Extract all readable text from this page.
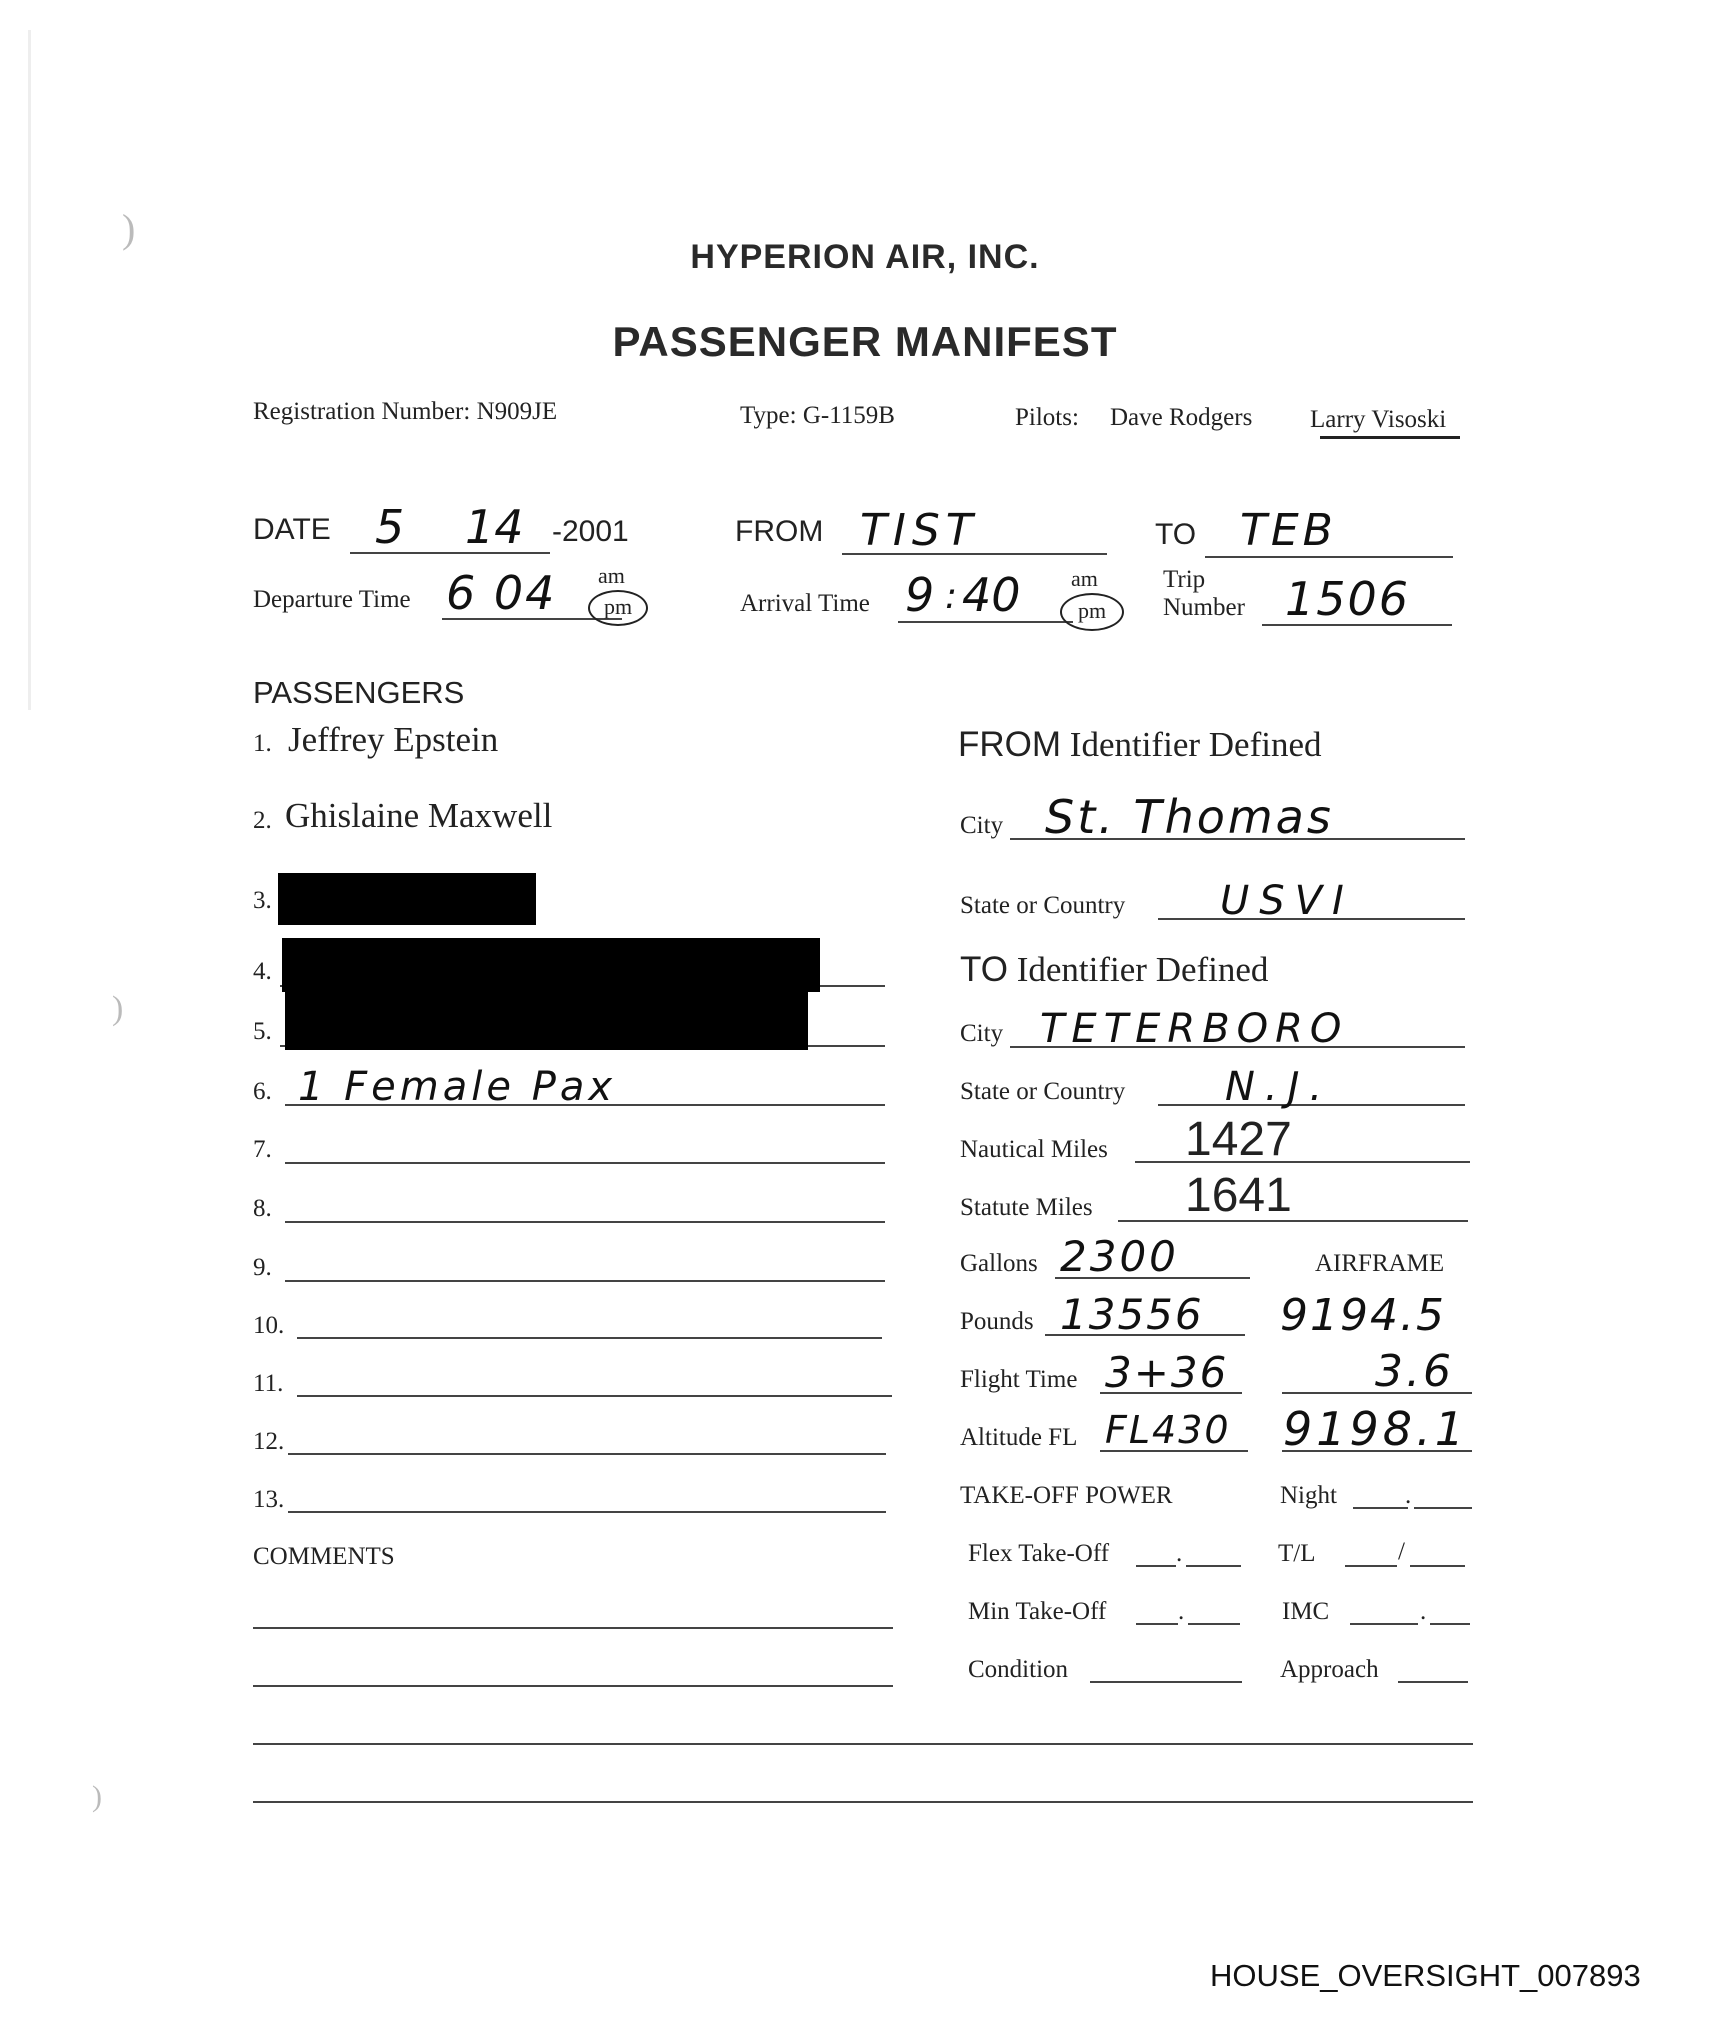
)
)
)
HYPERION AIR, INC.
PASSENGER MANIFEST
Registration Number: N909JE	Type: G-1159B	Pilots: Dave Rodgers Larry Visoski
DATE 5 14 -2001	FROM TIST	TO TEB
Departure Time 6 04 am
pm	Arrival Time 9 : 40 am
pm
Trip
Number 1506
PASSENGERS
1. Jeffrey Epstein
2. Ghislaine Maxwell
3.
4.
5.
6. 1 Female Pax
7.
8.
9.
10.
11.
12.
13.
COMMENTS
FROM Identifier Defined
City St. Thomas
State or Country USVI
TO Identifier Defined
City TETERBORO
State or Country N.J.
Nautical Miles 1427
Statute Miles 1641
Gallons 2300	AIRFRAME
Pounds 13556 9194.5
Flight Time 3+36	3.6
Altitude FL FL430 9198.1
TAKE-OFF POWER	Night	.
Flex Take-Off	.	T/L	/
Min Take-Off	.	IMC	.
Condition	Approach
HOUSE_OVERSIGHT_007893
